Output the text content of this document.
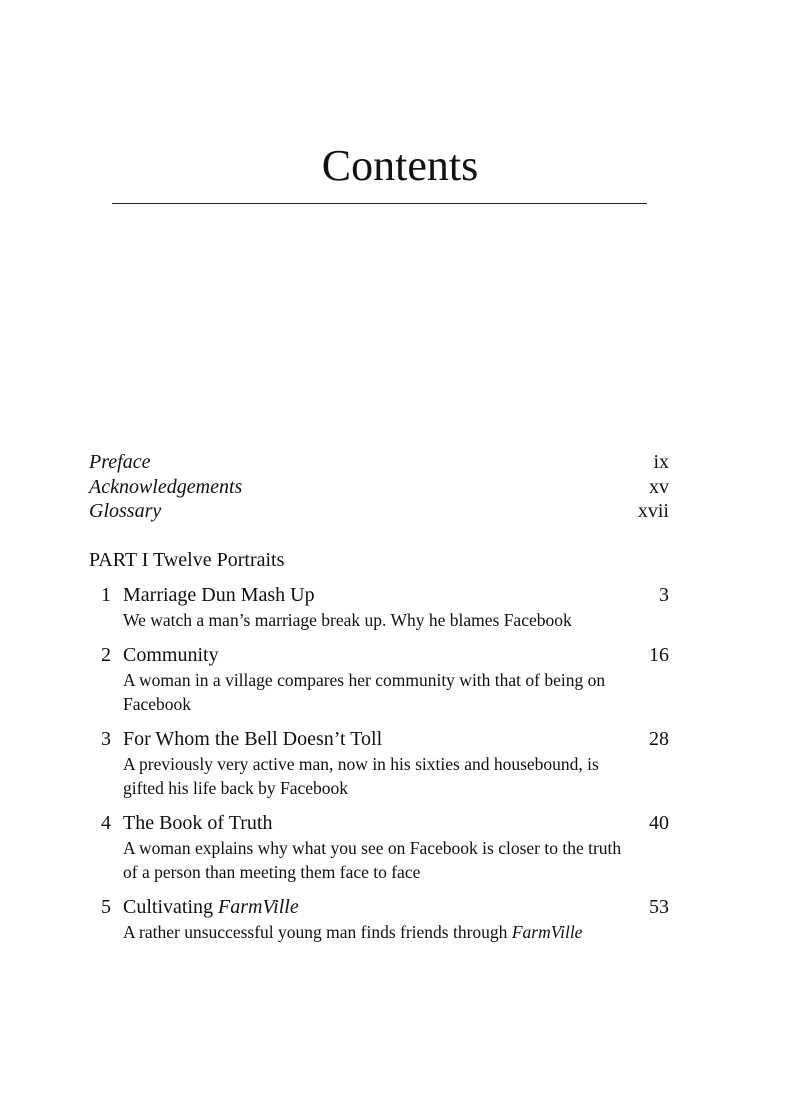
Contents
Preface	ix
Acknowledgements	xv
Glossary	xvii
PART I Twelve Portraits
1 Marriage Dun Mash Up	3
We watch a man’s marriage break up. Why he blames Facebook
2 Community	16
A woman in a village compares her community with that of being on Facebook
3 For Whom the Bell Doesn’t Toll	28
A previously very active man, now in his sixties and housebound, is gifted his life back by Facebook
4 The Book of Truth	40
A woman explains why what you see on Facebook is closer to the truth of a person than meeting them face to face
5 Cultivating FarmVille	53
A rather unsuccessful young man finds friends through FarmVille
